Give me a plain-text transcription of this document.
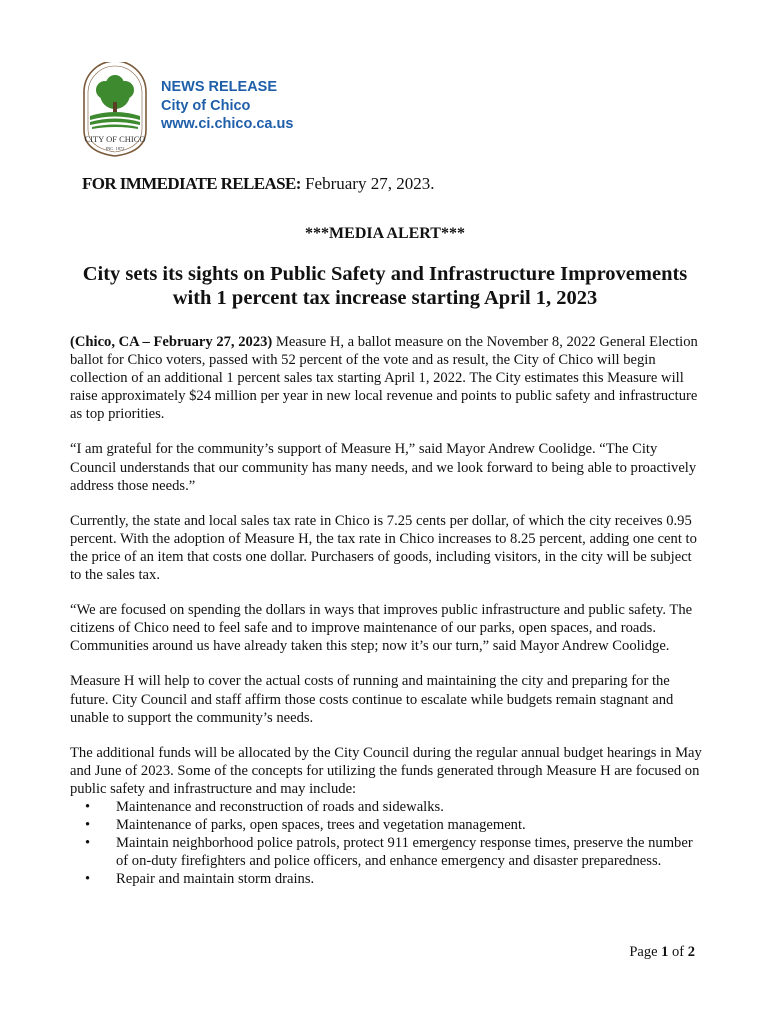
CITY OF CHICO
INC. 1872
NEWS RELEASE
City of Chico
www.ci.chico.ca.us
FOR IMMEDIATE RELEASE: February 27, 2023.
***MEDIA ALERT***
City sets its sights on Public Safety and Infrastructure Improvements
with 1 percent tax increase starting April 1, 2023

(Chico, CA – February 27, 2023) Measure H, a ballot measure on the November 8, 2022 General Election ballot for Chico voters, passed with 52 percent of the vote and as result, the City of Chico will begin collection of an additional 1 percent sales tax starting April 1, 2022. The City estimates this Measure will raise approximately $24 million per year in new local revenue and points to public safety and infrastructure as top priorities.

“I am grateful for the community’s support of Measure H,” said Mayor Andrew Coolidge. “The City Council understands that our community has many needs, and we look forward to being able to proactively address those needs.”

Currently, the state and local sales tax rate in Chico is 7.25 cents per dollar, of which the city receives 0.95 percent. With the adoption of Measure H, the tax rate in Chico increases to 8.25 percent, adding one cent to the price of an item that costs one dollar. Purchasers of goods, including visitors, in the city will be subject to the sales tax.

“We are focused on spending the dollars in ways that improves public infrastructure and public safety. The citizens of Chico need to feel safe and to improve maintenance of our parks, open spaces, and roads. Communities around us have already taken this step; now it’s our turn,” said Mayor Andrew Coolidge.

Measure H will help to cover the actual costs of running and maintaining the city and preparing for the future. City Council and staff affirm those costs continue to escalate while budgets remain stagnant and unable to support the community’s needs.

The additional funds will be allocated by the City Council during the regular annual budget hearings in May and June of 2023. Some of the concepts for utilizing the funds generated through Measure H are focused on public safety and infrastructure and may include:

• Maintenance and reconstruction of roads and sidewalks.
• Maintenance of parks, open spaces, trees and vegetation management.
• Maintain neighborhood police patrols, protect 911 emergency response times, preserve the number of on-duty firefighters and police officers, and enhance emergency and disaster preparedness.
• Repair and maintain storm drains.
Page 1 of 2
